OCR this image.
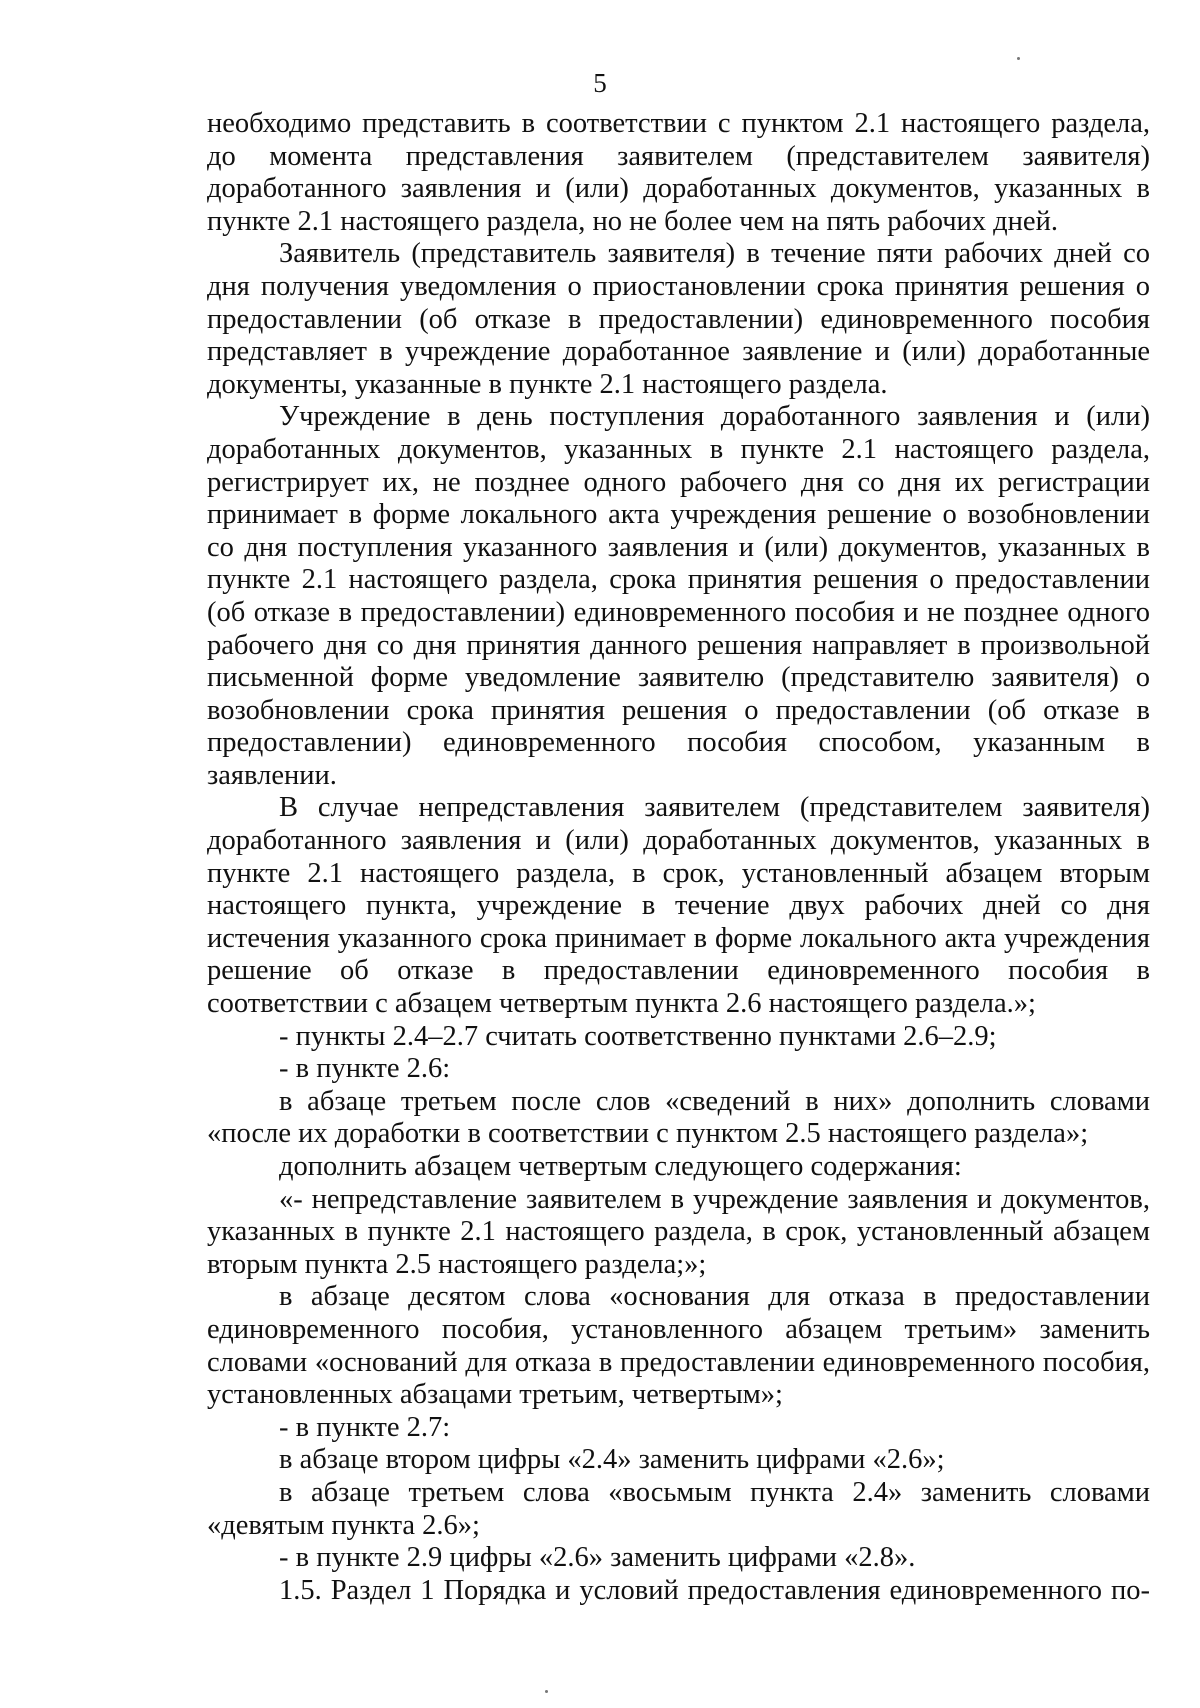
5

необходимо представить в соответствии с пунктом 2.1 настоящего раздела, до момента представления заявителем (представителем заявителя) доработанного заявления и (или) доработанных документов, указанных в пункте 2.1 настоящего раздела, но не более чем на пять рабочих дней.

Заявитель (представитель заявителя) в течение пяти рабочих дней со дня получения уведомления о приостановлении срока принятия решения о предоставлении (об отказе в предоставлении) единовременного пособия представляет в учреждение доработанное заявление и (или) доработанные документы, указанные в пункте 2.1 настоящего раздела.

Учреждение в день поступления доработанного заявления и (или) доработанных документов, указанных в пункте 2.1 настоящего раздела, регистрирует их, не позднее одного рабочего дня со дня их регистрации принимает в форме локального акта учреждения решение о возобновлении со дня поступления указанного заявления и (или) документов, указанных в пункте 2.1 настоящего раздела, срока принятия решения о предоставлении (об отказе в предоставлении) единовременного пособия и не позднее одного рабочего дня со дня принятия данного решения направляет в произвольной письменной форме уведомление заявителю (представителю заявителя) о возобновлении срока принятия решения о предоставлении (об отказе в предоставлении) единовременного пособия способом, указанным в заявлении.

В случае непредставления заявителем (представителем заявителя) доработанного заявления и (или) доработанных документов, указанных в пункте 2.1 настоящего раздела, в срок, установленный абзацем вторым настоящего пункта, учреждение в течение двух рабочих дней со дня истечения указанного срока принимает в форме локального акта учреждения решение об отказе в предоставлении единовременного пособия в соответствии с абзацем четвертым пункта 2.6 настоящего раздела.»;

- пункты 2.4–2.7 считать соответственно пунктами 2.6–2.9;

- в пункте 2.6:

в абзаце третьем после слов «сведений в них» дополнить словами «после их доработки в соответствии с пунктом 2.5 настоящего раздела»;

дополнить абзацем четвертым следующего содержания:

«- непредставление заявителем в учреждение заявления и документов, указанных в пункте 2.1 настоящего раздела, в срок, установленный абзацем вторым пункта 2.5 настоящего раздела;»;

в абзаце десятом слова «основания для отказа в предоставлении единовременного пособия, установленного абзацем третьим» заменить словами «оснований для отказа в предоставлении единовременного пособия, установленных абзацами третьим, четвертым»;

- в пункте 2.7:

в абзаце втором цифры «2.4» заменить цифрами «2.6»;

в абзаце третьем слова «восьмым пункта 2.4» заменить словами «девятым пункта 2.6»;

- в пункте 2.9 цифры «2.6» заменить цифрами «2.8».

1.5. Раздел 1 Порядка и условий предоставления единовременного по-
